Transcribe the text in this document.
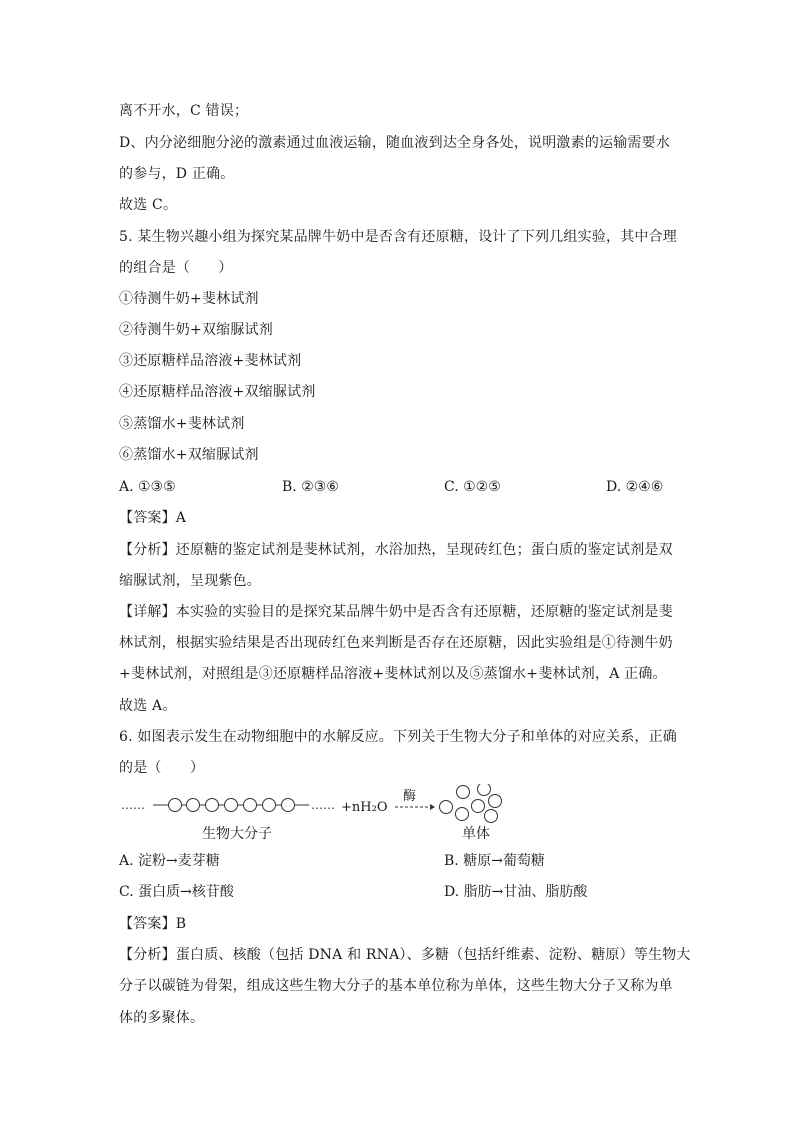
离不开水，C 错误；
D、内分泌细胞分泌的激素通过血液运输，随血液到达全身各处，说明激素的运输需要水
的参与，D 正确。
故选 C。
5. 某生物兴趣小组为探究某品牌牛奶中是否含有还原糖，设计了下列几组实验，其中合理
的组合是（　　）
①待测牛奶+斐林试剂
②待测牛奶+双缩脲试剂
③还原糖样品溶液+斐林试剂
④还原糖样品溶液+双缩脲试剂
⑤蒸馏水+斐林试剂
⑥蒸馏水+双缩脲试剂
A. ①③⑤	B. ②③⑥	C. ①②⑤	D. ②④⑥
【答案】A
【分析】还原糖的鉴定试剂是斐林试剂，水浴加热，呈现砖红色；蛋白质的鉴定试剂是双
缩脲试剂，呈现紫色。
【详解】本实验的实验目的是探究某品牌牛奶中是否含有还原糖，还原糖的鉴定试剂是斐
林试剂，根据实验结果是否出现砖红色来判断是否存在还原糖，因此实验组是①待测牛奶
+斐林试剂，对照组是③还原糖样品溶液+斐林试剂以及⑤蒸馏水+斐林试剂，A 正确。
故选 A。
6. 如图表示发生在动物细胞中的水解反应。下列关于生物大分子和单体的对应关系，正确
的是（　　）
……	…… +nH₂O
酶
生物大分子	单体
A. 淀粉→麦芽糖	B. 糖原→葡萄糖
C. 蛋白质→核苷酸	D. 脂肪→甘油、脂肪酸
【答案】B
【分析】蛋白质、核酸（包括 DNA 和 RNA）、多糖（包括纤维素、淀粉、糖原）等生物大
分子以碳链为骨架，组成这些生物大分子的基本单位称为单体，这些生物大分子又称为单
体的多聚体。
